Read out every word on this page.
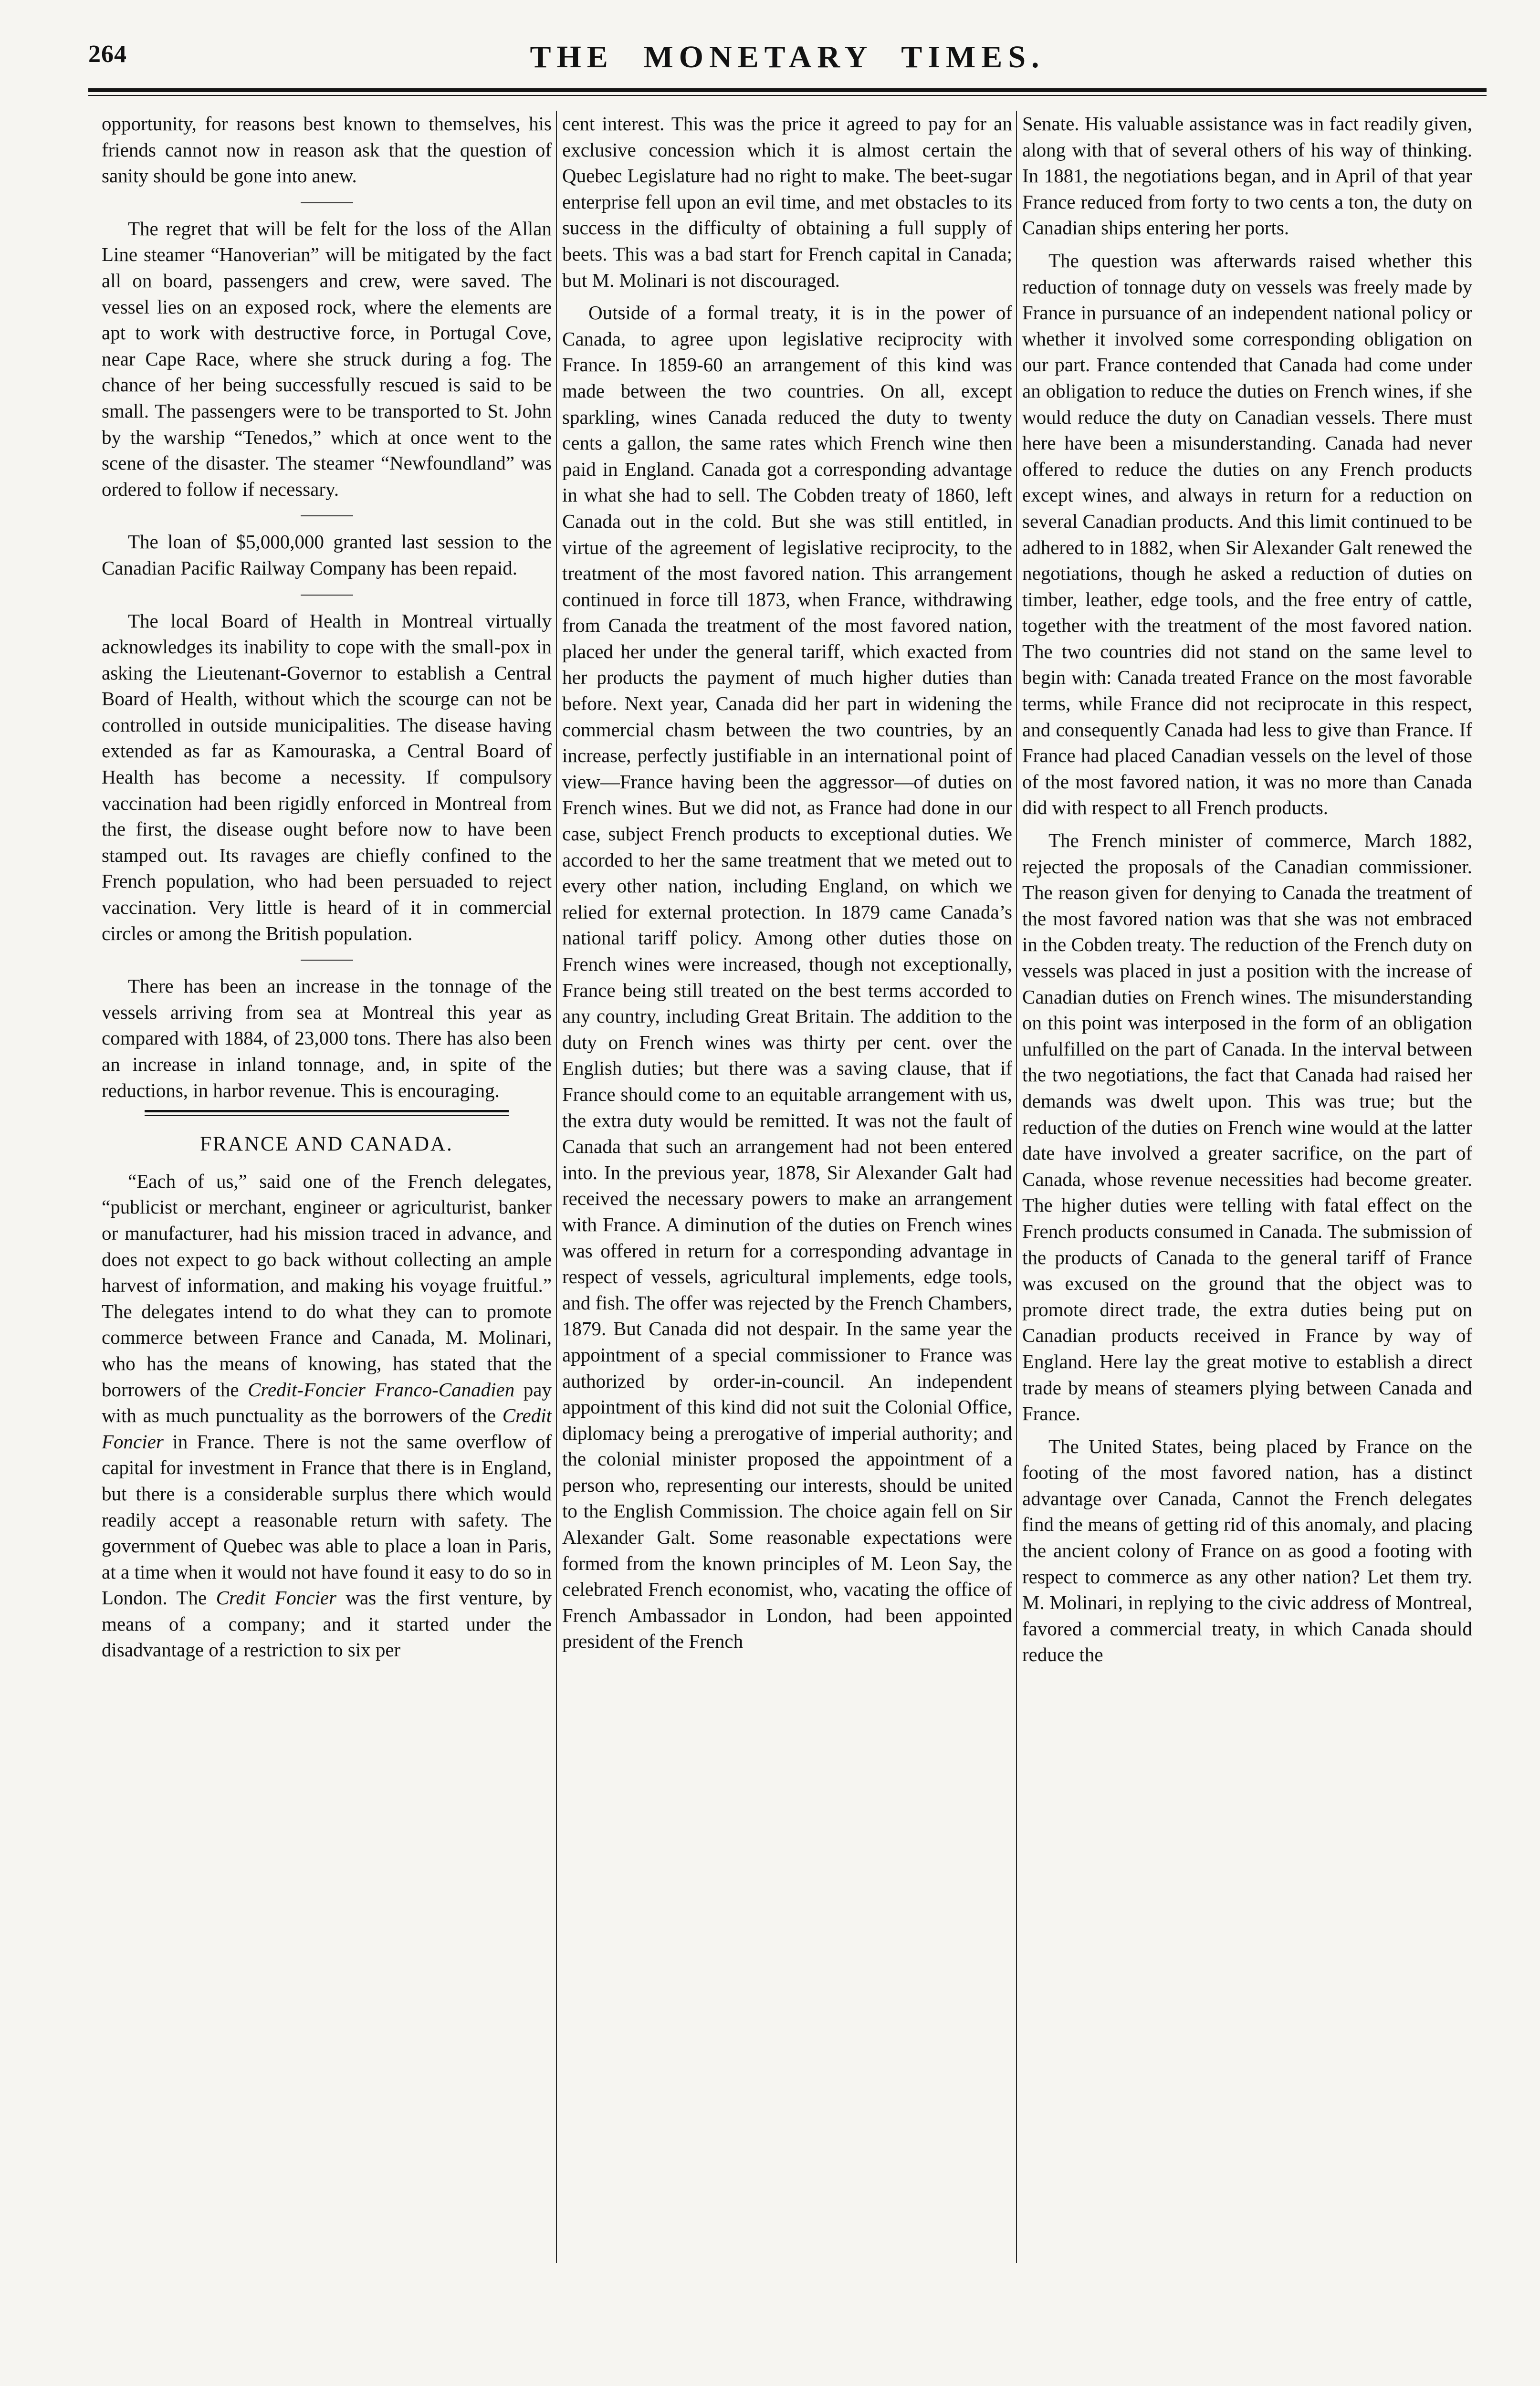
264	THE MONETARY TIMES.

opportunity, for reasons best known to themselves, his friends cannot now in reason ask that the question of sanity should be gone into anew.

The regret that will be felt for the loss of the Allan Line steamer “Hanoverian” will be mitigated by the fact all on board, passengers and crew, were saved. The vessel lies on an exposed rock, where the elements are apt to work with destructive force, in Portugal Cove, near Cape Race, where she struck during a fog. The chance of her being successfully rescued is said to be small. The passengers were to be transported to St. John by the warship “Tenedos,” which at once went to the scene of the disaster. The steamer “Newfoundland” was ordered to follow if necessary.

The loan of $5,000,000 granted last session to the Canadian Pacific Railway Company has been repaid.

The local Board of Health in Montreal virtually acknowledges its inability to cope with the small-pox in asking the Lieutenant-Governor to establish a Central Board of Health, without which the scourge can not be controlled in outside municipalities. The disease having extended as far as Kamouraska, a Central Board of Health has become a necessity. If compulsory vaccination had been rigidly enforced in Montreal from the first, the disease ought before now to have been stamped out. Its ravages are chiefly confined to the French population, who had been persuaded to reject vaccination. Very little is heard of it in commercial circles or among the British population.

There has been an increase in the tonnage of the vessels arriving from sea at Montreal this year as compared with 1884, of 23,000 tons. There has also been an increase in inland tonnage, and, in spite of the reductions, in harbor revenue. This is encouraging.

FRANCE AND CANADA.

“Each of us,” said one of the French delegates, “publicist or merchant, engineer or agriculturist, banker or manufacturer, had his mission traced in advance, and does not expect to go back without collecting an ample harvest of information, and making his voyage fruitful.” The delegates intend to do what they can to promote commerce between France and Canada, M. Molinari, who has the means of knowing, has stated that the borrowers of the Credit-Foncier Franco-Canadien pay with as much punctuality as the borrowers of the Credit Foncier in France. There is not the same overflow of capital for investment in France that there is in England, but there is a considerable surplus there which would readily accept a reasonable return with safety. The government of Quebec was able to place a loan in Paris, at a time when it would not have found it easy to do so in London. The Credit Foncier was the first venture, by means of a company; and it started under the disadvantage of a restriction to six per

cent interest. This was the price it agreed to pay for an exclusive concession which it is almost certain the Quebec Legislature had no right to make. The beet-sugar enterprise fell upon an evil time, and met obstacles to its success in the difficulty of obtaining a full supply of beets. This was a bad start for French capital in Canada; but M. Molinari is not discouraged.

Outside of a formal treaty, it is in the power of Canada, to agree upon legislative reciprocity with France. In 1859-60 an arrangement of this kind was made between the two countries. On all, except sparkling, wines Canada reduced the duty to twenty cents a gallon, the same rates which French wine then paid in England. Canada got a corresponding advantage in what she had to sell. The Cobden treaty of 1860, left Canada out in the cold. But she was still entitled, in virtue of the agreement of legislative reciprocity, to the treatment of the most favored nation. This arrangement continued in force till 1873, when France, withdrawing from Canada the treatment of the most favored nation, placed her under the general tariff, which exacted from her products the payment of much higher duties than before. Next year, Canada did her part in widening the commercial chasm between the two countries, by an increase, perfectly justifiable in an international point of view—France having been the aggressor—of duties on French wines. But we did not, as France had done in our case, subject French products to exceptional duties. We accorded to her the same treatment that we meted out to every other nation, including England, on which we relied for external protection. In 1879 came Canada’s national tariff policy. Among other duties those on French wines were increased, though not exceptionally, France being still treated on the best terms accorded to any country, including Great Britain. The addition to the duty on French wines was thirty per cent. over the English duties; but there was a saving clause, that if France should come to an equitable arrangement with us, the extra duty would be remitted. It was not the fault of Canada that such an arrangement had not been entered into. In the previous year, 1878, Sir Alexander Galt had received the necessary powers to make an arrangement with France. A diminution of the duties on French wines was offered in return for a corresponding advantage in respect of vessels, agricultural implements, edge tools, and fish. The offer was rejected by the French Chambers, 1879. But Canada did not despair. In the same year the appointment of a special commissioner to France was authorized by order-in-council. An independent appointment of this kind did not suit the Colonial Office, diplomacy being a prerogative of imperial authority; and the colonial minister proposed the appointment of a person who, representing our interests, should be united to the English Commission. The choice again fell on Sir Alexander Galt. Some reasonable expectations were formed from the known principles of M. Leon Say, the celebrated French economist, who, vacating the office of French Ambassador in London, had been appointed president of the French

Senate. His valuable assistance was in fact readily given, along with that of several others of his way of thinking. In 1881, the negotiations began, and in April of that year France reduced from forty to two cents a ton, the duty on Canadian ships entering her ports.

The question was afterwards raised whether this reduction of tonnage duty on vessels was freely made by France in pursuance of an independent national policy or whether it involved some corresponding obligation on our part. France contended that Canada had come under an obligation to reduce the duties on French wines, if she would reduce the duty on Canadian vessels. There must here have been a misunderstanding. Canada had never offered to reduce the duties on any French products except wines, and always in return for a reduction on several Canadian products. And this limit continued to be adhered to in 1882, when Sir Alexander Galt renewed the negotiations, though he asked a reduction of duties on timber, leather, edge tools, and the free entry of cattle, together with the treatment of the most favored nation. The two countries did not stand on the same level to begin with: Canada treated France on the most favorable terms, while France did not reciprocate in this respect, and consequently Canada had less to give than France. If France had placed Canadian vessels on the level of those of the most favored nation, it was no more than Canada did with respect to all French products.

The French minister of commerce, March 1882, rejected the proposals of the Canadian commissioner. The reason given for denying to Canada the treatment of the most favored nation was that she was not embraced in the Cobden treaty. The reduction of the French duty on vessels was placed in just a position with the increase of Canadian duties on French wines. The misunderstanding on this point was interposed in the form of an obligation unfulfilled on the part of Canada. In the interval between the two negotiations, the fact that Canada had raised her demands was dwelt upon. This was true; but the reduction of the duties on French wine would at the latter date have involved a greater sacrifice, on the part of Canada, whose revenue necessities had become greater. The higher duties were telling with fatal effect on the French products consumed in Canada. The submission of the products of Canada to the general tariff of France was excused on the ground that the object was to promote direct trade, the extra duties being put on Canadian products received in France by way of England. Here lay the great motive to establish a direct trade by means of steamers plying between Canada and France.

The United States, being placed by France on the footing of the most favored nation, has a distinct advantage over Canada, Cannot the French delegates find the means of getting rid of this anomaly, and placing the ancient colony of France on as good a footing with respect to commerce as any other nation? Let them try. M. Molinari, in replying to the civic address of Montreal, favored a commercial treaty, in which Canada should reduce the
